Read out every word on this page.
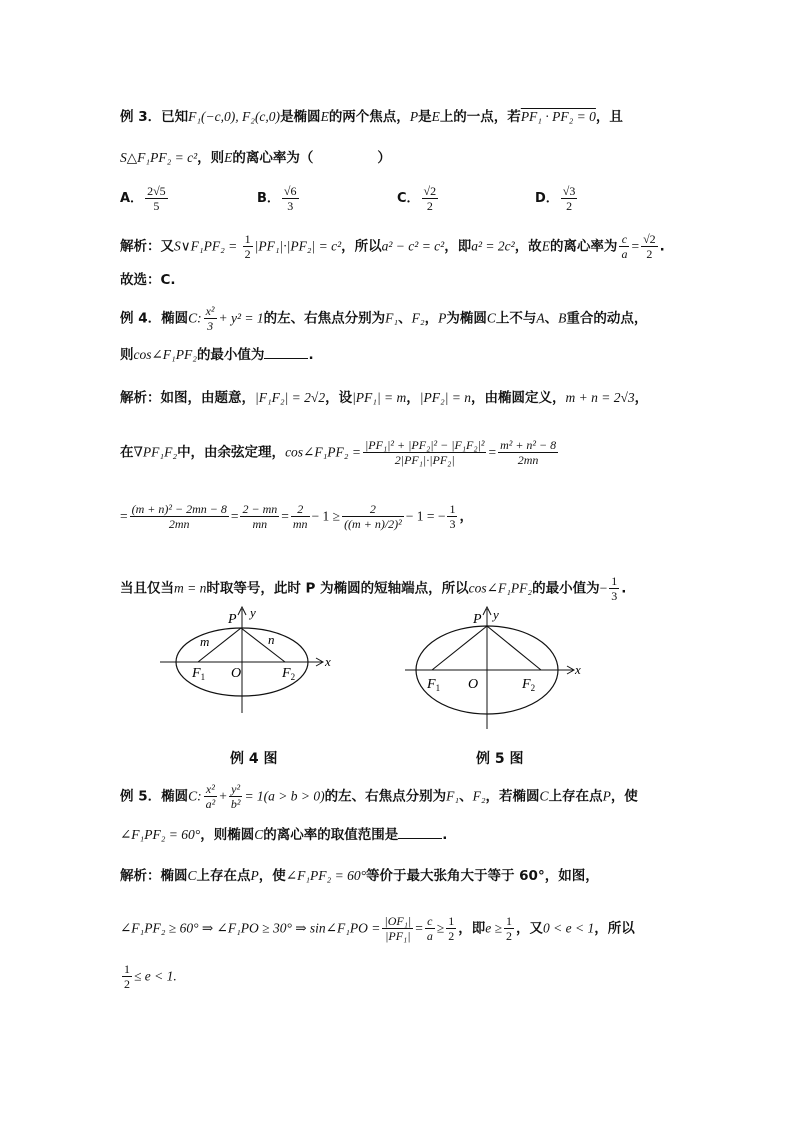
例 3．已知F₁(−c,0), F₂(c,0)是椭圆E的两个焦点，P是E上的一点，若PF₁ · PF₂ = 0，且
S△F₁PF₂ = c²，则E的离心率为（	）
A． $\frac{2√5}{5}$	B． $\frac{√6}{3}$	C． $\frac{√2}{2}$	D． $\frac{√3}{2}$
解析：又S∨F₁PF₂ = $\frac{1}{2} |PF_1|\cdot|PF_2| = c^2$，所以a² − c² = c²，即a² = 2c²，故E的离心率为 $\frac{c}{a} = \frac{√2}{2}$ .
故选：C.
例 4．椭圆C: $\frac{\text{x²}}{3} + y^2 = 1$的左、右焦点分别为F₁、F₂，P为椭圆C上不与A、B重合的动点，
则cos∠F₁PF₂的最小值为	.
解析：如图，由题意，|F₁F₂| = 2√2，设|PF₁| = m，|PF₂| = n，由椭圆定义，m + n = 2√3，
在∇PF₁F₂中，由余弦定理，cos∠F₁PF₂ = $\frac{\text{|PF₁|² + |PF₂|² − |F₁F₂|²}}{\text{2|PF₁|·|PF₂|}} = \frac{\text{m² + n² − 8}}{2mn}$
= $\frac{\text{(m + n)² − 2mn − 8}}{2mn} = \frac{2 - mn}{mn} = \frac{2}{mn} - 1 \ge \frac{2}{\text{((m + n)/2)²}} - 1$ = − $\frac{1}{3}$ ，
当且仅当m = n时取等号，此时 P 为椭圆的短轴端点，所以cos∠F₁PF₂的最小值为− $\frac{1}{3}$ .
P y
x
m	n
$F_1$	$F_2$
O
P y
x
$F_1$	$F_2$
O
例 4 图	例 5 图
例 5．椭圆C: $\frac{\text{x²}}{\text{a²}} + \frac{\text{y²}}{\text{b²}} = 1(a > b > 0)$的左、右焦点分别为F₁、F₂，若椭圆C上存在点P，使
∠F₁PF₂ = 60°，则椭圆C的离心率的取值范围是	.
解析：椭圆C上存在点P，使∠F₁PF₂ = 60°等价于最大张角大于等于 60°，如图，
∠F₁PF₂ ≥ 60° ⇒ ∠F₁PO ≥ 30° ⇒ sin∠F₁PO = $\frac{\text{|OF₁|}}{\text{|PF₁|}} = \frac{c}{a} \ge \frac{1}{2}$ ，即$e \ge \frac{1}{2}$ ，又0 < e < 1，所以
$\frac{1}{2} \le e < 1$.
